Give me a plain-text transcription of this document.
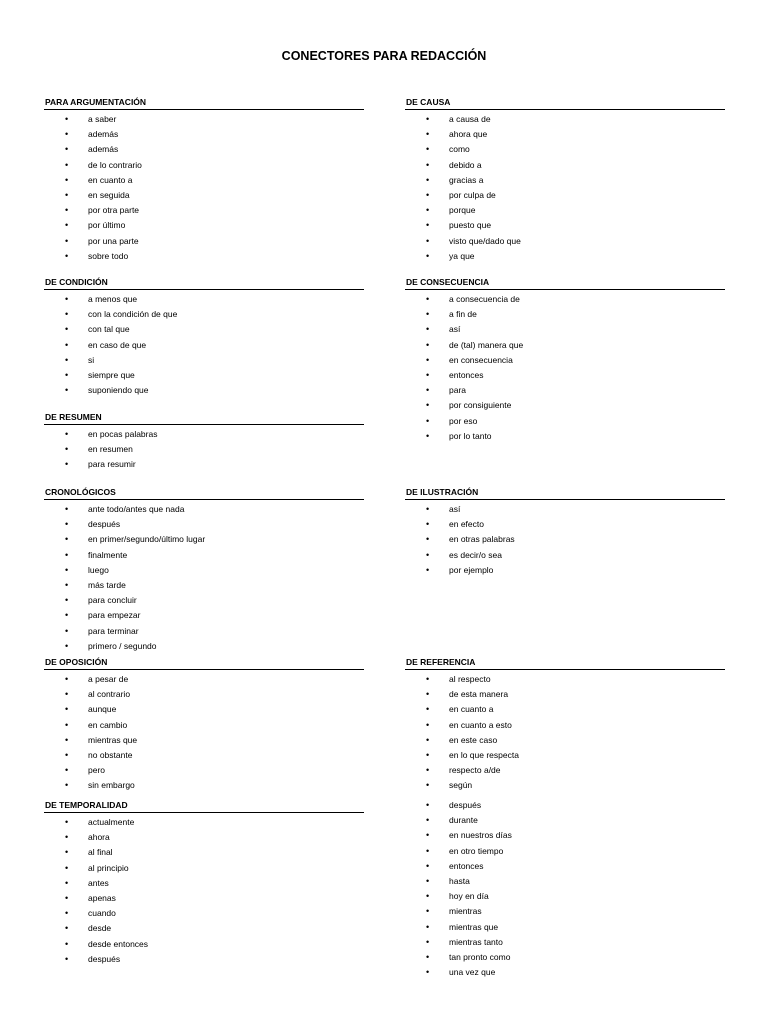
CONECTORES PARA REDACCIÓN
PARA ARGUMENTACIÓN
• a saber
• además
• además
• de lo contrario
• en cuanto a
• en seguida
• por otra parte
• por último
• por una parte
• sobre todo
DE CAUSA
• a causa de
• ahora que
• como
• debido a
• gracias a
• por culpa de
• porque
• puesto que
• visto que/dado que
• ya que
DE CONDICIÓN
• a menos que
• con la condición de que
• con tal que
• en caso de que
• si
• siempre que
• suponiendo que
DE CONSECUENCIA
• a consecuencia de
• a fin de
• así
• de (tal) manera que
• en consecuencia
• entonces
• para
• por consiguiente
• por eso
• por lo tanto
DE RESUMEN
• en pocas palabras
• en resumen
• para resumir
CRONOLÓGICOS
• ante todo/antes que nada
• después
• en primer/segundo/último lugar
• finalmente
• luego
• más tarde
• para concluir
• para empezar
• para terminar
• primero / segundo
DE ILUSTRACIÓN
• así
• en efecto
• en otras palabras
• es decir/o sea
• por ejemplo
DE OPOSICIÓN
• a pesar de
• al contrario
• aunque
• en cambio
• mientras que
• no obstante
• pero
• sin embargo
DE REFERENCIA
• al respecto
• de esta manera
• en cuanto a
• en cuanto a esto
• en este caso
• en lo que respecta
• respecto a/de
• según
DE TEMPORALIDAD
• actualmente
• ahora
• al final
• al principio
• antes
• apenas
• cuando
• desde
• desde entonces
• después
• después
• durante
• en nuestros días
• en otro tiempo
• entonces
• hasta
• hoy en día
• mientras
• mientras que
• mientras tanto
• tan pronto como
• una vez que
